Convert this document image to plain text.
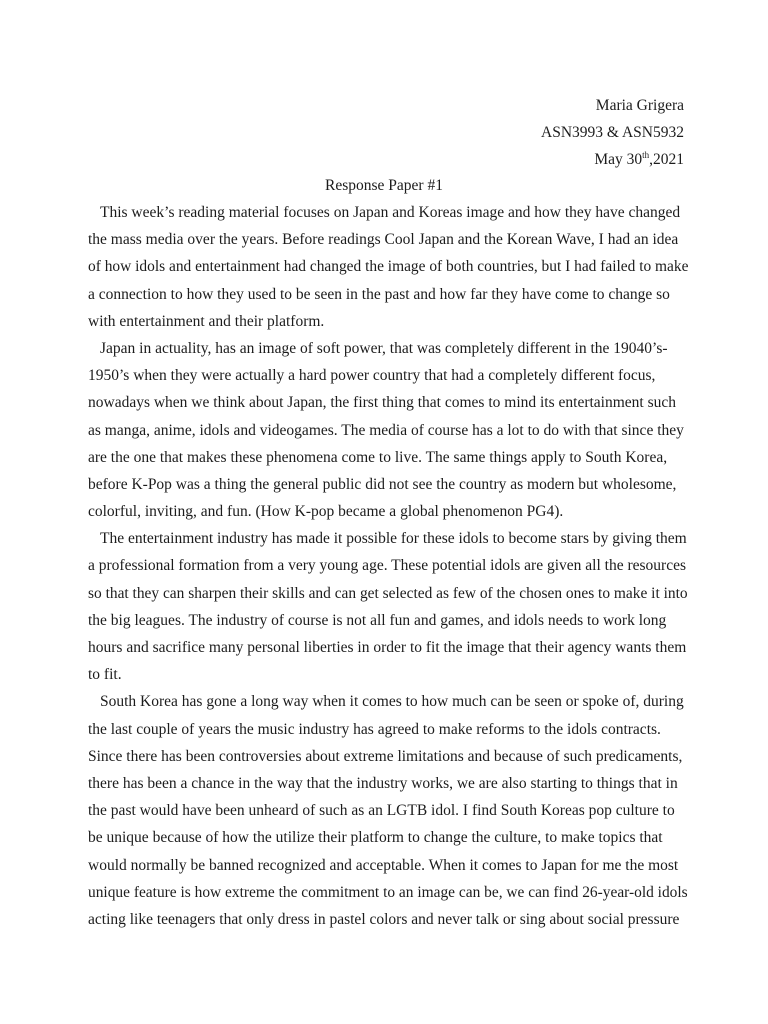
Maria Grigera
ASN3993 & ASN5932
May 30th,2021
Response Paper #1
This week’s reading material focuses on Japan and Koreas image and how they have changed
the mass media over the years. Before readings Cool Japan and the Korean Wave, I had an idea
of how idols and entertainment had changed the image of both countries, but I had failed to make
a connection to how they used to be seen in the past and how far they have come to change so
with entertainment and their platform.
Japan in actuality, has an image of soft power, that was completely different in the 19040’s-
1950’s when they were actually a hard power country that had a completely different focus,
nowadays when we think about Japan, the first thing that comes to mind its entertainment such
as manga, anime, idols and videogames. The media of course has a lot to do with that since they
are the one that makes these phenomena come to live. The same things apply to South Korea,
before K-Pop was a thing the general public did not see the country as modern but wholesome,
colorful, inviting, and fun. (How K-pop became a global phenomenon PG4).
The entertainment industry has made it possible for these idols to become stars by giving them
a professional formation from a very young age. These potential idols are given all the resources
so that they can sharpen their skills and can get selected as few of the chosen ones to make it into
the big leagues. The industry of course is not all fun and games, and idols needs to work long
hours and sacrifice many personal liberties in order to fit the image that their agency wants them
to fit.
South Korea has gone a long way when it comes to how much can be seen or spoke of, during
the last couple of years the music industry has agreed to make reforms to the idols contracts.
Since there has been controversies about extreme limitations and because of such predicaments,
there has been a chance in the way that the industry works, we are also starting to things that in
the past would have been unheard of such as an LGTB idol. I find South Koreas pop culture to
be unique because of how the utilize their platform to change the culture, to make topics that
would normally be banned recognized and acceptable. When it comes to Japan for me the most
unique feature is how extreme the commitment to an image can be, we can find 26-year-old idols
acting like teenagers that only dress in pastel colors and never talk or sing about social pressure
